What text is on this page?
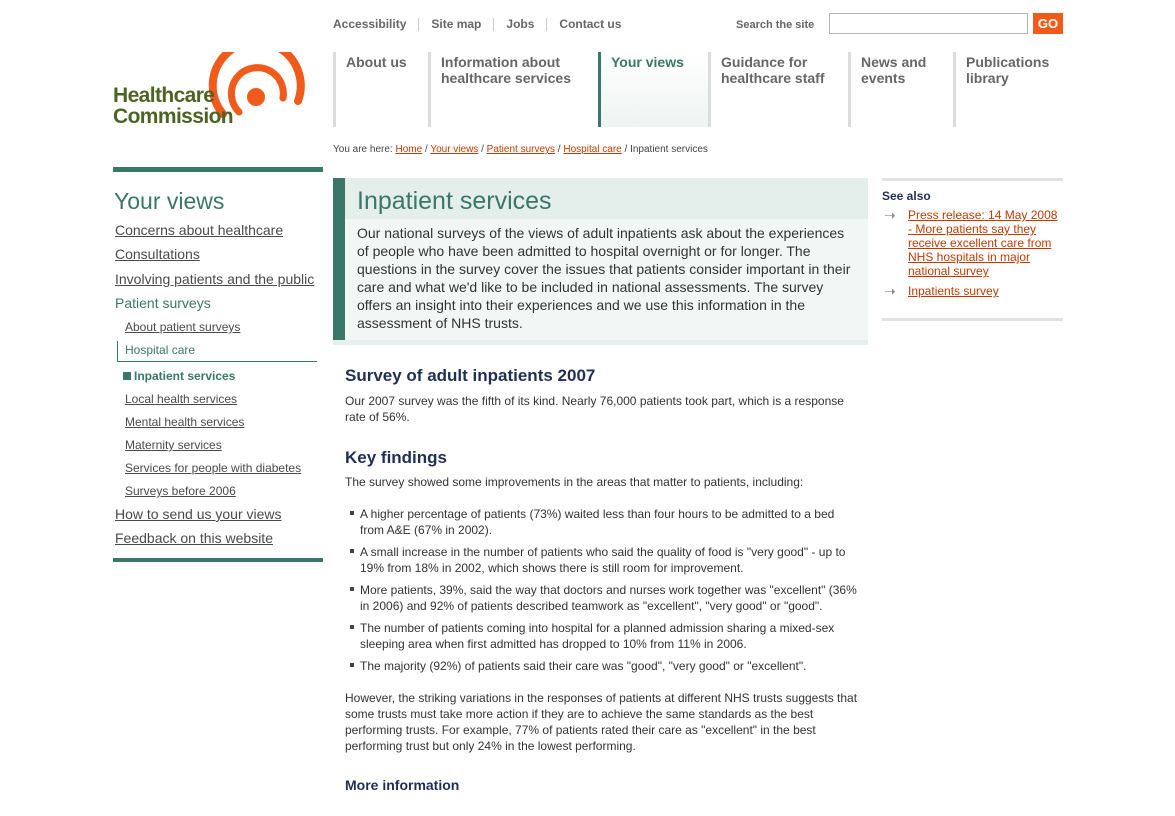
Accessibility	Site map	Jobs	Contact us	Search the site	GO
Healthcare
Commission
About us	Information about
healthcare services
Your views	Guidance for
healthcare staff
News and
events
Publications
library
You are here: Home / Your views / Patient surveys / Hospital care / Inpatient services
Your views
Concerns about healthcare
Consultations
Involving patients and the public
Patient surveys
About patient surveys
Hospital care
Inpatient services
Local health services
Mental health services
Maternity services
Services for people with diabetes
Surveys before 2006
How to send us your views
Feedback on this website
Inpatient services
Our national surveys of the views of adult inpatients ask about the experiences of people who have been admitted to hospital overnight or for longer. The questions in the survey cover the issues that patients consider important in their care and what we'd like to be included in national assessments. The survey offers an insight into their experiences and we use this information in the assessment of NHS trusts.
Survey of adult inpatients 2007
Our 2007 survey was the fifth of its kind. Nearly 76,000 patients took part, which is a response rate of 56%.
Key findings
The survey showed some improvements in the areas that matter to patients, including:
A higher percentage of patients (73%) waited less than four hours to be admitted to a bed from A&E (67% in 2002).
A small increase in the number of patients who said the quality of food is "very good" - up to 19% from 18% in 2002, which shows there is still room for improvement.
More patients, 39%, said the way that doctors and nurses work together was "excellent" (36% in 2006) and 92% of patients described teamwork as "excellent", "very good" or "good".
The number of patients coming into hospital for a planned admission sharing a mixed-sex sleeping area when first admitted has dropped to 10% from 11% in 2006.
The majority (92%) of patients said their care was "good", "very good" or "excellent".
However, the striking variations in the responses of patients at different NHS trusts suggests that some trusts must take more action if they are to achieve the same standards as the best performing trusts. For example, 77% of patients rated their care as "excellent" in the best performing trust but only 24% in the lowest performing.
More information
See also
➝ Press release: 14 May 2008 - More patients say they receive excellent care from NHS hospitals in major national survey
➝ Inpatients survey
